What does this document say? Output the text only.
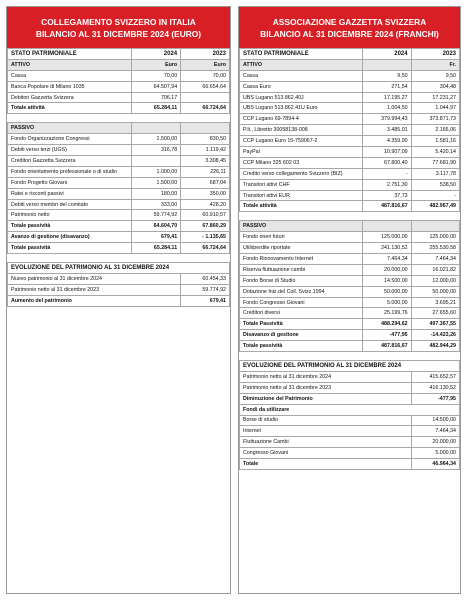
COLLEGAMENTO SVIZZERO IN ITALIA
BILANCIO AL 31 DICEMBRE 2024 (EURO)
STATO PATRIMONIALE	2024	2023
ATTIVO	Euro	Euro
Cassa	70,00	70,00
Banca Popolare di Milano 1035	64.507,94	66.654,64
Debitori Gazzetta Svizzera	706,17	
Totale attività	65.284,11	66.724,64

PASSIVO		
Fondo Organizzazione Congressi	1.500,00	830,50
Debiti verso terzi (UGS)	316,78	1.119,42
Creditori Gazzetta Svizzera		3.308,45
Fondo orientamento professionale o di studio	1.000,00	226,11
Fondo Progetto Giovani	1.500,00	687,04
Ratei e risconti passivi	180,00	350,00
Debiti verso membri del comitato	333,00	428,20
Patrimonio netto	59.774,92	60.910,57
Totale passività	64.604,70	67.860,29
Avanzo di gestione (disavanzo)	679,41	- 1.135,65
Totale passività	65.284,11	66.724,64

EVOLUZIONE DEL PATRIMONIO AL 31 DICEMBRE 2024		
Nuovo patrimonio al 31 dicembre 2024		60.454,33
Patrimonio netto al 31 dicembre 2023		59.774,92
Aumento del patrimonio		679,41
ASSOCIAZIONE GAZZETTA SVIZZERA
BILANCIO AL 31 DICEMBRE 2024 (FRANCHI)
STATO PATRIMONIALE	2024	2023
ATTIVO		Fr.
Cassa	9,50	9,50
Cassa Euro	271,54	304,48
UBS Lugano 513.862.40J	17.195,27	17.231,27
UBS Lugano 513.862.41U Euro	1.004,50	1.044,97
CCP Lugano 69-7894-4	379.994,43	373.871,73
P.lt., Libretto 30058138-008	3.485,01	2.166,06
CCP Lugano Euro 15-759067-2	4.359,90	1.581,16
PayPal	10.907,09	5.420,14
CCP Milano 325 602 03	67.800,40	77.681,90
Credito verso collegamento Svizzero (BIZ)	-	3.117,78
Transitori attivi CHF	2.751,30	538,50
Transitori attivi EUR	37,73	-
Totale attività	487.816,67	482.967,49

PASSIVO		
Fondo oneri futuri	125.000,00	125.000,00
Utili/perdite riportate	241.130,52	255.530,58
Fondo Rinnovamento Internet	7.464,34	7.464,34
Riserva fluttuazione cambi	20.000,00	16.021,82
Fondo Borse di Studio	14.500,00	12.000,00
Dotazione Iniz.del Coll. Svizz.1994	50.000,00	50.000,00
Fondo Congresso Giovani	5.000,00	3.695,21
Creditori diversi	25.199,76	27.655,60
Totale Passività	488.294,62	497.367,55
Disavanzo di gestione	-477,95	-14.423,26
Totale passività	487.816,67	482.944,29

EVOLUZIONE DEL PATRIMONIO AL 31 DICEMBRE 2024		
Patrimonio netto al 31 dicembre 2024		415.652,57
Patrimonio netto al 31 dicembre 2023		416.130,52
Diminuzione del Patrimonio		-477,95
Fondi da utilizzare		
Borse di studio		14.500,00
Internet		7.464,34
Fluttuazione Cambi		20.000,00
Congresso Giovani		5.000,00
Totale		46.964,34
